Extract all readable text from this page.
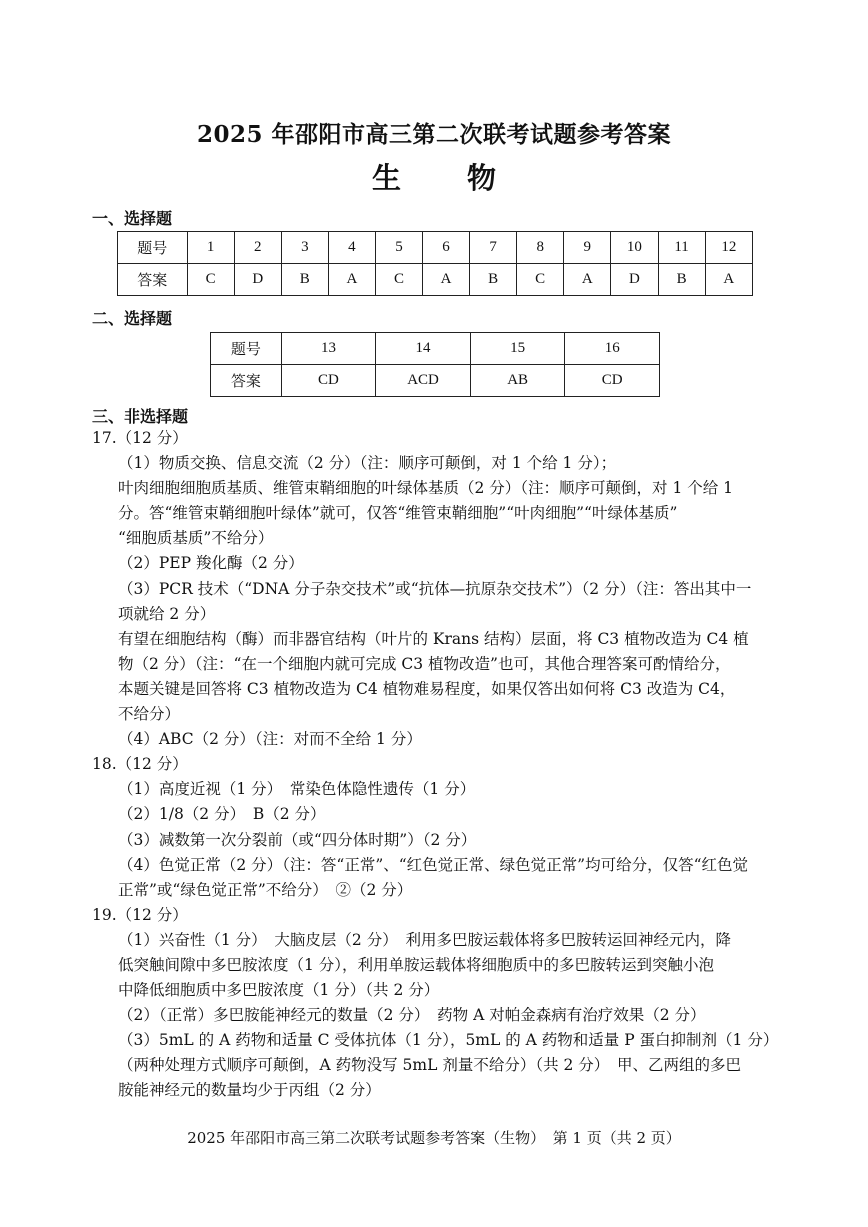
2025 年邵阳市高三第二次联考试题参考答案
生 物
一、选择题
题号	1	2	3	4	5	6	7	8	9	10	11	12
答案	C	D	B	A	C	A	B	C	A	D	B	A
二、选择题
题号	13	14	15	16
答案	CD	ACD	AB	CD
三、非选择题
17.（12 分）
（1）物质交换、信息交流（2 分）（注：顺序可颠倒，对 1 个给 1 分）；
叶肉细胞细胞质基质、维管束鞘细胞的叶绿体基质（2 分）（注：顺序可颠倒，对 1 个给 1
分。答“维管束鞘细胞叶绿体”就可，仅答“维管束鞘细胞”“叶肉细胞”“叶绿体基质”
“细胞质基质”不给分）
（2）PEP 羧化酶（2 分）
（3）PCR 技术（“DNA 分子杂交技术”或“抗体—抗原杂交技术”）（2 分）（注：答出其中一
项就给 2 分）
有望在细胞结构（酶）而非器官结构（叶片的 Krans 结构）层面，将 C3 植物改造为 C4 植
物（2 分）（注：“在一个细胞内就可完成 C3 植物改造”也可，其他合理答案可酌情给分，
本题关键是回答将 C3 植物改造为 C4 植物难易程度，如果仅答出如何将 C3 改造为 C4，
不给分）
（4）ABC（2 分）（注：对而不全给 1 分）
18.（12 分）
（1）高度近视（1 分）　常染色体隐性遗传（1 分）
（2）1/8（2 分）　B（2 分）
（3）减数第一次分裂前（或“四分体时期”）（2 分）
（4）色觉正常（2 分）（注：答“正常”、“红色觉正常、绿色觉正常”均可给分，仅答“红色觉
正常”或“绿色觉正常”不给分）　②（2 分）
19.（12 分）
（1）兴奋性（1 分）　大脑皮层（2 分）　利用多巴胺运载体将多巴胺转运回神经元内，降
低突触间隙中多巴胺浓度（1 分），利用单胺运载体将细胞质中的多巴胺转运到突触小泡
中降低细胞质中多巴胺浓度（1 分）（共 2 分）
（2）（正常）多巴胺能神经元的数量（2 分）　药物 A 对帕金森病有治疗效果（2 分）
（3）5mL 的 A 药物和适量 C 受体抗体（1 分），5mL 的 A 药物和适量 P 蛋白抑制剂（1 分）
（两种处理方式顺序可颠倒，A 药物没写 5mL 剂量不给分）（共 2 分）　甲、乙两组的多巴
胺能神经元的数量均少于丙组（2 分）
2025 年邵阳市高三第二次联考试题参考答案（生物）　第 1 页（共 2 页）
